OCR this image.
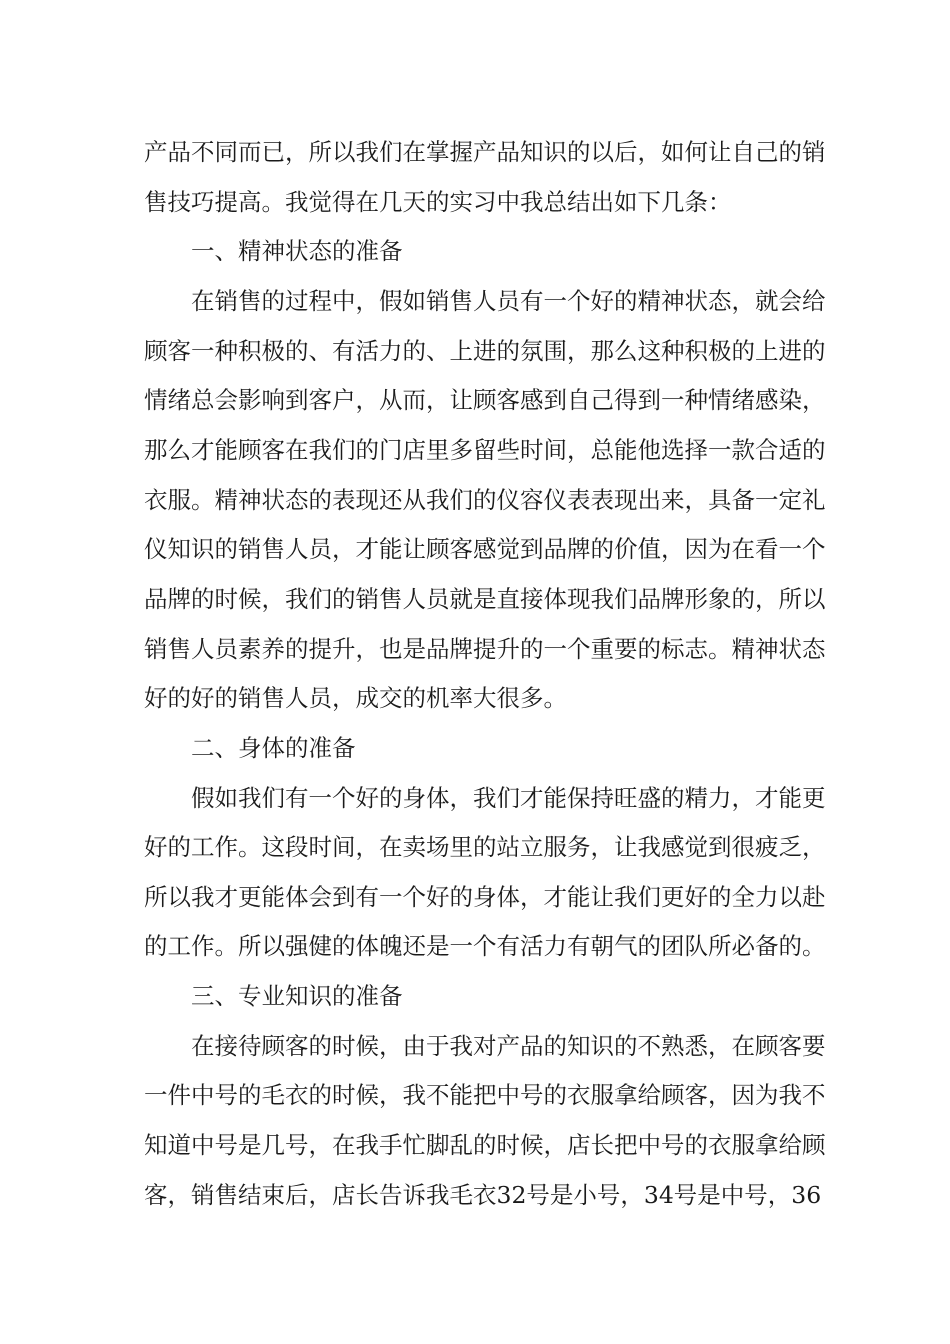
产品不同而已，所以我们在掌握产品知识的以后，如何让自己的销
售技巧提高。我觉得在几天的实习中我总结出如下几条：
一、精神状态的准备
在销售的过程中，假如销售人员有一个好的精神状态，就会给
顾客一种积极的、有活力的、上进的氛围，那么这种积极的上进的
情绪总会影响到客户，从而，让顾客感到自己得到一种情绪感染，
那么才能顾客在我们的门店里多留些时间，总能他选择一款合适的
衣服。精神状态的表现还从我们的仪容仪表表现出来，具备一定礼
仪知识的销售人员，才能让顾客感觉到品牌的价值，因为在看一个
品牌的时候，我们的销售人员就是直接体现我们品牌形象的，所以
销售人员素养的提升，也是品牌提升的一个重要的标志。精神状态
好的好的销售人员，成交的机率大很多。
二、身体的准备
假如我们有一个好的身体，我们才能保持旺盛的精力，才能更
好的工作。这段时间，在卖场里的站立服务，让我感觉到很疲乏，
所以我才更能体会到有一个好的身体，才能让我们更好的全力以赴
的工作。所以强健的体魄还是一个有活力有朝气的团队所必备的。
三、专业知识的准备
在接待顾客的时候，由于我对产品的知识的不熟悉，在顾客要
一件中号的毛衣的时候，我不能把中号的衣服拿给顾客，因为我不
知道中号是几号，在我手忙脚乱的时候，店长把中号的衣服拿给顾
客，销售结束后，店长告诉我毛衣32号是小号，34号是中号，36
